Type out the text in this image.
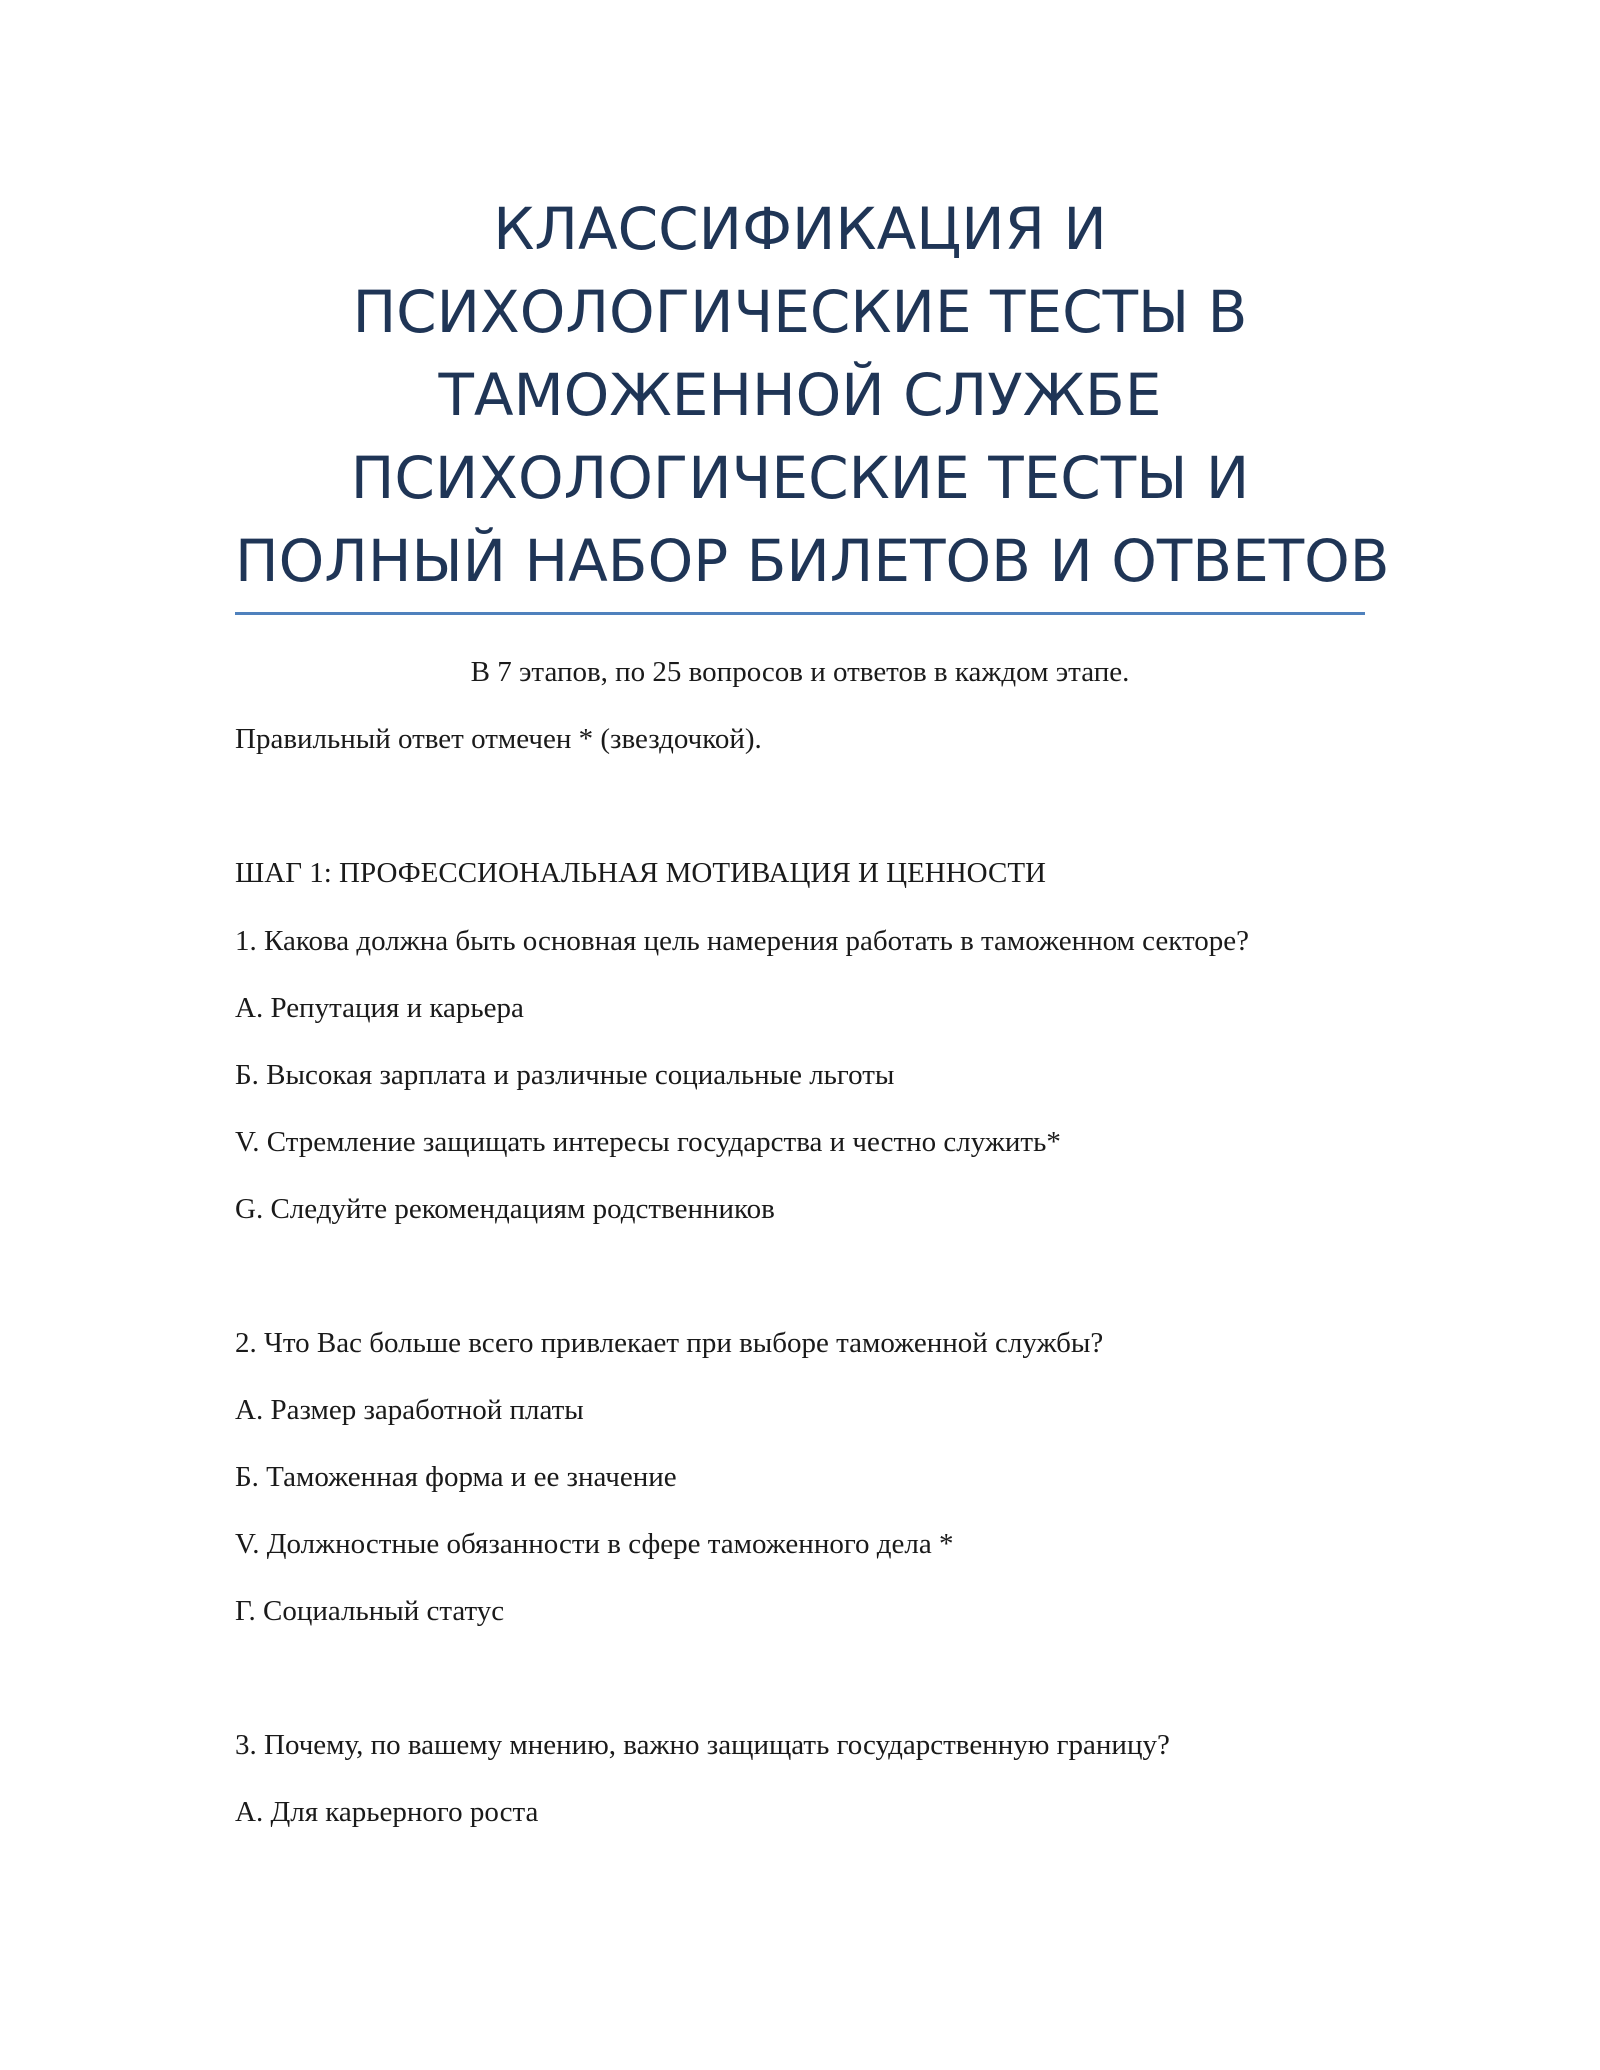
КЛАССИФИКАЦИЯ И
ПСИХОЛОГИЧЕСКИЕ ТЕСТЫ В
ТАМОЖЕННОЙ СЛУЖБЕ
ПСИХОЛОГИЧЕСКИЕ ТЕСТЫ И
ПОЛНЫЙ НАБОР БИЛЕТОВ И ОТВЕТОВ
В 7 этапов, по 25 вопросов и ответов в каждом этапе.
Правильный ответ отмечен * (звездочкой).
ШАГ 1: ПРОФЕССИОНАЛЬНАЯ МОТИВАЦИЯ И ЦЕННОСТИ
1. Какова должна быть основная цель намерения работать в таможенном секторе?
A. Репутация и карьера
Б. Высокая зарплата и различные социальные льготы
V. Стремление защищать интересы государства и честно служить*
G. Следуйте рекомендациям родственников
2. Что Вас больше всего привлекает при выборе таможенной службы?
A. Размер заработной платы
Б. Таможенная форма и ее значение
V. Должностные обязанности в сфере таможенного дела *
Г. Социальный статус
3. Почему, по вашему мнению, важно защищать государственную границу?
A. Для карьерного роста
